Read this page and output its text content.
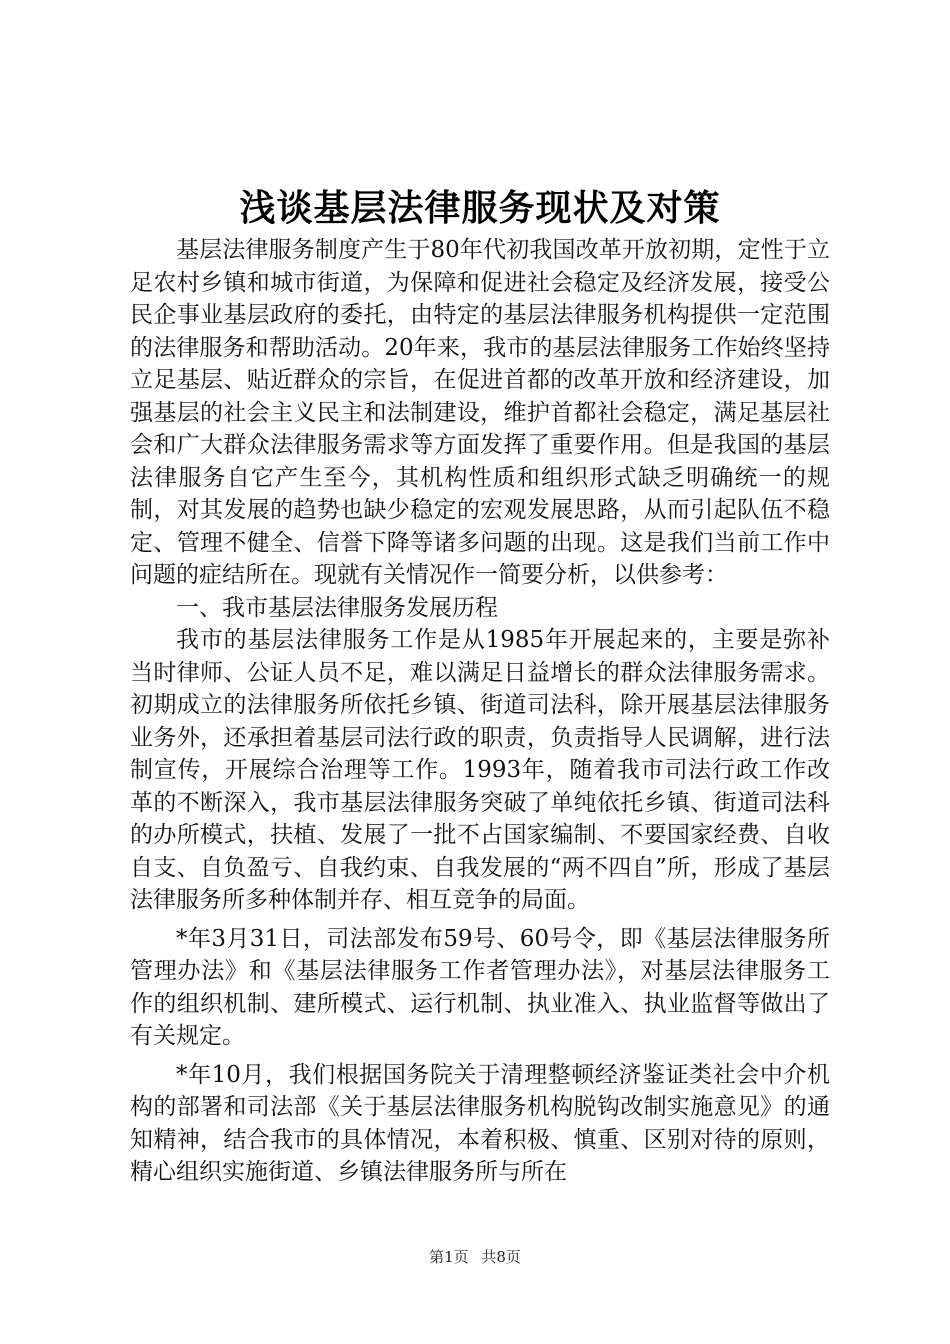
浅谈基层法律服务现状及对策

基层法律服务制度产生于80年代初我国改革开放初期，定性于立足农村乡镇和城市街道，为保障和促进社会稳定及经济发展，接受公民企事业基层政府的委托，由特定的基层法律服务机构提供一定范围的法律服务和帮助活动。20年来，我市的基层法律服务工作始终坚持立足基层、贴近群众的宗旨，在促进首都的改革开放和经济建设，加强基层的社会主义民主和法制建设，维护首都社会稳定，满足基层社会和广大群众法律服务需求等方面发挥了重要作用。但是我国的基层法律服务自它产生至今，其机构性质和组织形式缺乏明确统一的规制，对其发展的趋势也缺少稳定的宏观发展思路，从而引起队伍不稳定、管理不健全、信誉下降等诸多问题的出现。这是我们当前工作中问题的症结所在。现就有关情况作一简要分析，以供参考：

一、我市基层法律服务发展历程

我市的基层法律服务工作是从1985年开展起来的，主要是弥补当时律师、公证人员不足，难以满足日益增长的群众法律服务需求。初期成立的法律服务所依托乡镇、街道司法科，除开展基层法律服务业务外，还承担着基层司法行政的职责，负责指导人民调解，进行法制宣传，开展综合治理等工作。1993年，随着我市司法行政工作改革的不断深入，我市基层法律服务突破了单纯依托乡镇、街道司法科的办所模式，扶植、发展了一批不占国家编制、不要国家经费、自收自支、自负盈亏、自我约束、自我发展的“两不四自”所，形成了基层法律服务所多种体制并存、相互竞争的局面。

*年3月31日，司法部发布59号、60号令，即《基层法律服务所管理办法》和《基层法律服务工作者管理办法》，对基层法律服务工作的组织机制、建所模式、运行机制、执业准入、执业监督等做出了有关规定。

*年10月，我们根据国务院关于清理整顿经济鉴证类社会中介机构的部署和司法部《关于基层法律服务机构脱钩改制实施意见》的通知精神，结合我市的具体情况，本着积极、慎重、区别对待的原则，精心组织实施街道、乡镇法律服务所与所在

第1页 共8页
